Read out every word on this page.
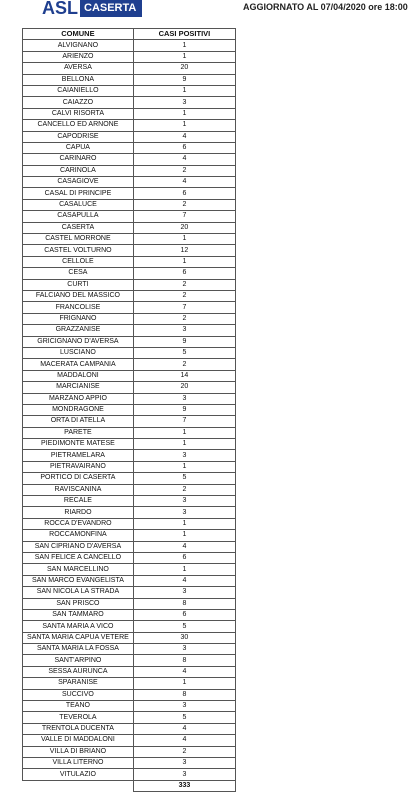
ASL CASERTA	AGGIORNATO AL 07/04/2020 ore 18:00
COMUNE	CASI POSITIVI
ALVIGNANO	1
ARIENZO	1
AVERSA	20
BELLONA	9
CAIANIELLO	1
CAIAZZO	3
CALVI RISORTA	1
CANCELLO ED ARNONE	1
CAPODRISE	4
CAPUA	6
CARINARO	4
CARINOLA	2
CASAGIOVE	4
CASAL DI PRINCIPE	6
CASALUCE	2
CASAPULLA	7
CASERTA	20
CASTEL MORRONE	1
CASTEL VOLTURNO	12
CELLOLE	1
CESA	6
CURTI	2
FALCIANO DEL MASSICO	2
FRANCOLISE	7
FRIGNANO	2
GRAZZANISE	3
GRICIGNANO D'AVERSA	9
LUSCIANO	5
MACERATA CAMPANIA	2
MADDALONI	14
MARCIANISE	20
MARZANO APPIO	3
MONDRAGONE	9
ORTA DI ATELLA	7
PARETE	1
PIEDIMONTE MATESE	1
PIETRAMELARA	3
PIETRAVAIRANO	1
PORTICO DI CASERTA	5
RAVISCANINA	2
RECALE	3
RIARDO	3
ROCCA D'EVANDRO	1
ROCCAMONFINA	1
SAN CIPRIANO D'AVERSA	4
SAN FELICE A CANCELLO	6
SAN MARCELLINO	1
SAN MARCO EVANGELISTA	4
SAN NICOLA LA STRADA	3
SAN PRISCO	8
SAN TAMMARO	6
SANTA MARIA A VICO	5
SANTA MARIA CAPUA VETERE	30
SANTA MARIA LA FOSSA	3
SANT'ARPINO	8
SESSA AURUNCA	4
SPARANISE	1
SUCCIVO	8
TEANO	3
TEVEROLA	5
TRENTOLA DUCENTA	4
VALLE DI MADDALONI	4
VILLA DI BRIANO	2
VILLA LITERNO	3
VITULAZIO	3
	333
